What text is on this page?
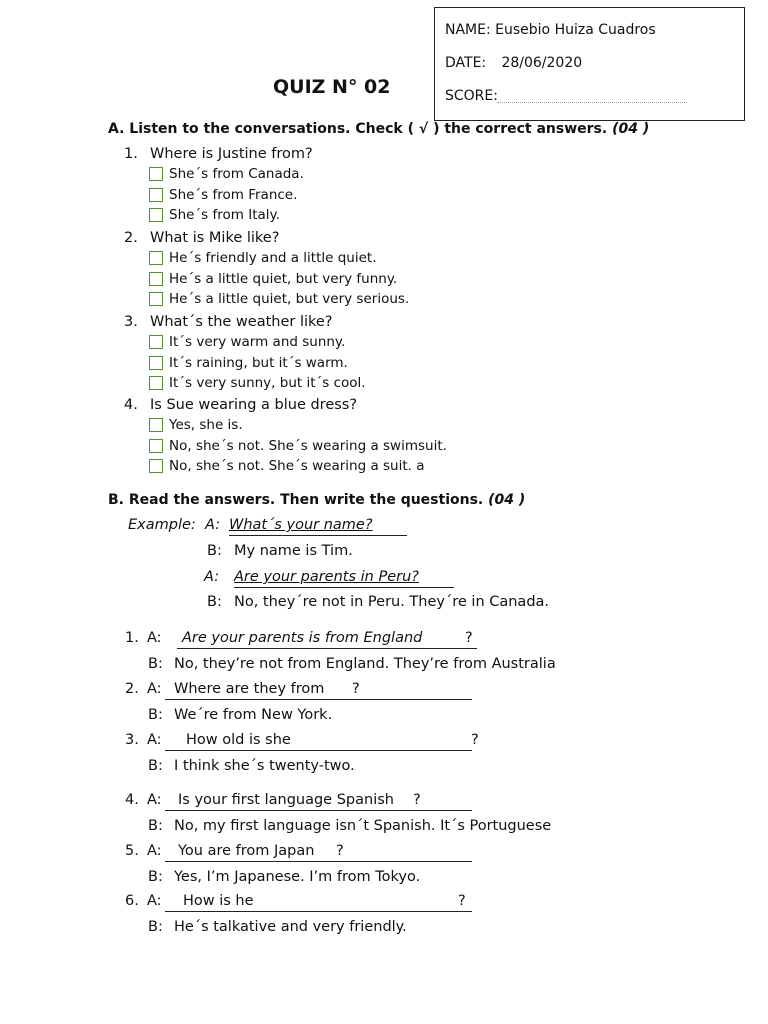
NAME: Eusebio Huiza Cuadros
DATE: 28/06/2020
SCORE:
QUIZ N° 02
A. Listen to the conversations. Check ( √ ) the correct answers. (04 )
1. Where is Justine from?
She´s from Canada.
She´s from France.
She´s from Italy.
2. What is Mike like?
He´s friendly and a little quiet.
He´s a little quiet, but very funny.
He´s a little quiet, but very serious.
3. What´s the weather like?
It´s very warm and sunny.
It´s raining, but it´s warm.
It´s very sunny, but it´s cool.
4. Is Sue wearing a blue dress?
Yes, she is.
No, she´s not. She´s wearing a swimsuit.
No, she´s not. She´s wearing a suit. a
B. Read the answers. Then write the questions. (04 )
Example: A: What´s your name?
B: My name is Tim.
A: Are your parents in Peru?
B: No, they´re not in Peru. They´re in Canada.
1. A: Are your parents is from England	?
B: No, they’re not from England. They’re from Australia
2. A: Where are they from ?
B: We´re from New York.
3. A: How old is she	?
B: I think she´s twenty-two.
4. A: Is your first language Spanish ?
B: No, my first language isn´t Spanish. It´s Portuguese
5. A: You are from Japan ?
B: Yes, I’m Japanese. I’m from Tokyo.
6. A: How is he	?
B: He´s talkative and very friendly.
